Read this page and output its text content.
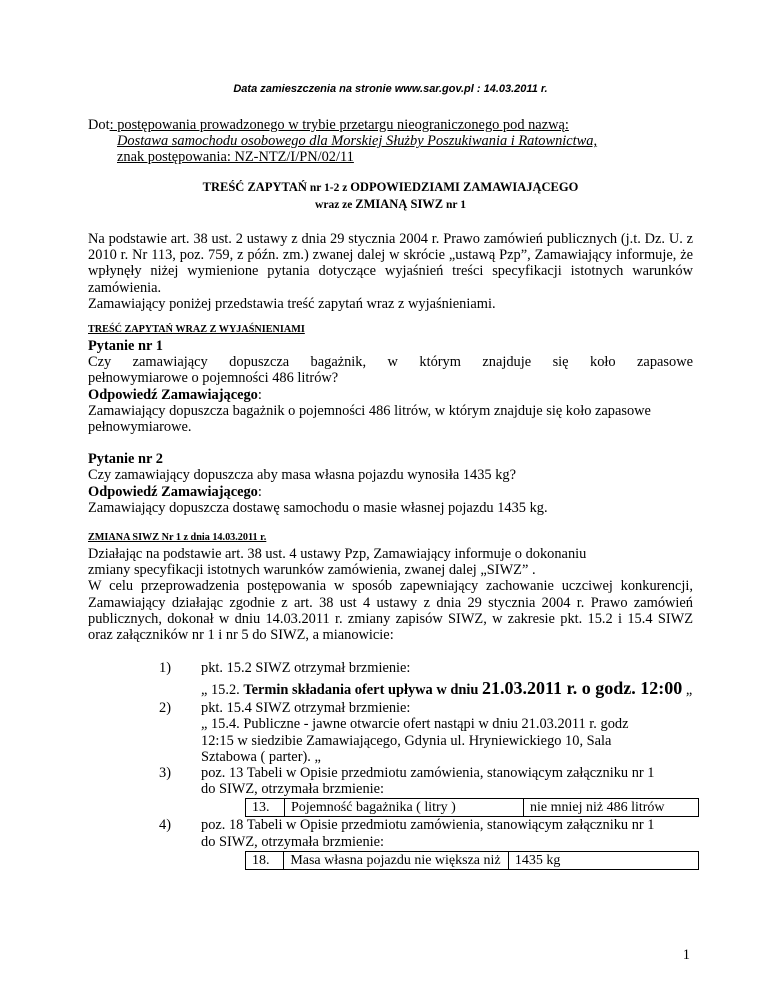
Data zamieszczenia na stronie www.sar.gov.pl : 14.03.2011 r.
Dot: postępowania prowadzonego w trybie przetargu nieograniczonego pod nazwą:
Dostawa samochodu osobowego dla Morskiej Służby Poszukiwania i Ratownictwa,
znak postępowania: NZ-NTZ/I/PN/02/11
TREŚĆ ZAPYTAŃ nr 1-2 z ODPOWIEDZIAMI ZAMAWIAJĄCEGO
wraz ze ZMIANĄ SIWZ nr 1
Na podstawie art. 38 ust. 2 ustawy z dnia 29 stycznia 2004 r. Prawo zamówień publicznych (j.t. Dz. U. z 2010 r. Nr 113, poz. 759, z późn. zm.) zwanej dalej w skrócie „ustawą Pzp”, Zamawiający informuje, że wpłynęły niżej wymienione pytania dotyczące wyjaśnień treści specyfikacji istotnych warunków zamówienia.
Zamawiający poniżej przedstawia treść zapytań wraz z wyjaśnieniami.
TREŚĆ ZAPYTAŃ WRAZ Z WYJAŚNIENIAMI
Pytanie nr 1
Czy zamawiający dopuszcza bagażnik, w którym znajduje się koło zapasowe
pełnowymiarowe o pojemności 486 litrów?
Odpowiedź Zamawiającego:
Zamawiający dopuszcza bagażnik o pojemności 486 litrów, w którym znajduje się koło zapasowe pełnowymiarowe.
Pytanie nr 2
Czy zamawiający dopuszcza aby masa własna pojazdu wynosiła 1435 kg?
Odpowiedź Zamawiającego:
Zamawiający dopuszcza dostawę samochodu o masie własnej pojazdu 1435 kg.
ZMIANA SIWZ Nr 1 z dnia 14.03.2011 r.
Działając na podstawie art. 38 ust. 4 ustawy Pzp, Zamawiający informuje o dokonaniu
zmiany specyfikacji istotnych warunków zamówienia, zwanej dalej „SIWZ” .
W celu przeprowadzenia postępowania w sposób zapewniający zachowanie uczciwej konkurencji, Zamawiający działając zgodnie z art. 38 ust 4 ustawy z dnia 29 stycznia 2004 r. Prawo zamówień publicznych, dokonał w dniu 14.03.2011 r. zmiany zapisów SIWZ, w zakresie pkt. 15.2 i 15.4 SIWZ oraz załączników nr 1 i nr 5 do SIWZ, a mianowicie:
1)	pkt. 15.2 SIWZ otrzymał brzmienie:
„ 15.2. Termin składania ofert upływa w dniu 21.03.2011 r. o godz. 12:00 „
2)	pkt. 15.4 SIWZ otrzymał brzmienie:
„ 15.4. Publiczne - jawne otwarcie ofert nastąpi w dniu 21.03.2011 r. godz 12:15 w siedzibie Zamawiającego, Gdynia ul. Hryniewickiego 10, Sala Sztabowa ( parter). „
3)	poz. 13 Tabeli w Opisie przedmiotu zamówienia, stanowiącym załączniku nr 1 do SIWZ, otrzymała brzmienie:
13.	Pojemność bagażnika ( litry )	nie mniej niż 486 litrów
4)	poz. 18 Tabeli w Opisie przedmiotu zamówienia, stanowiącym załączniku nr 1 do SIWZ, otrzymała brzmienie:
18.	Masa własna pojazdu nie większa niż	1435 kg
1
